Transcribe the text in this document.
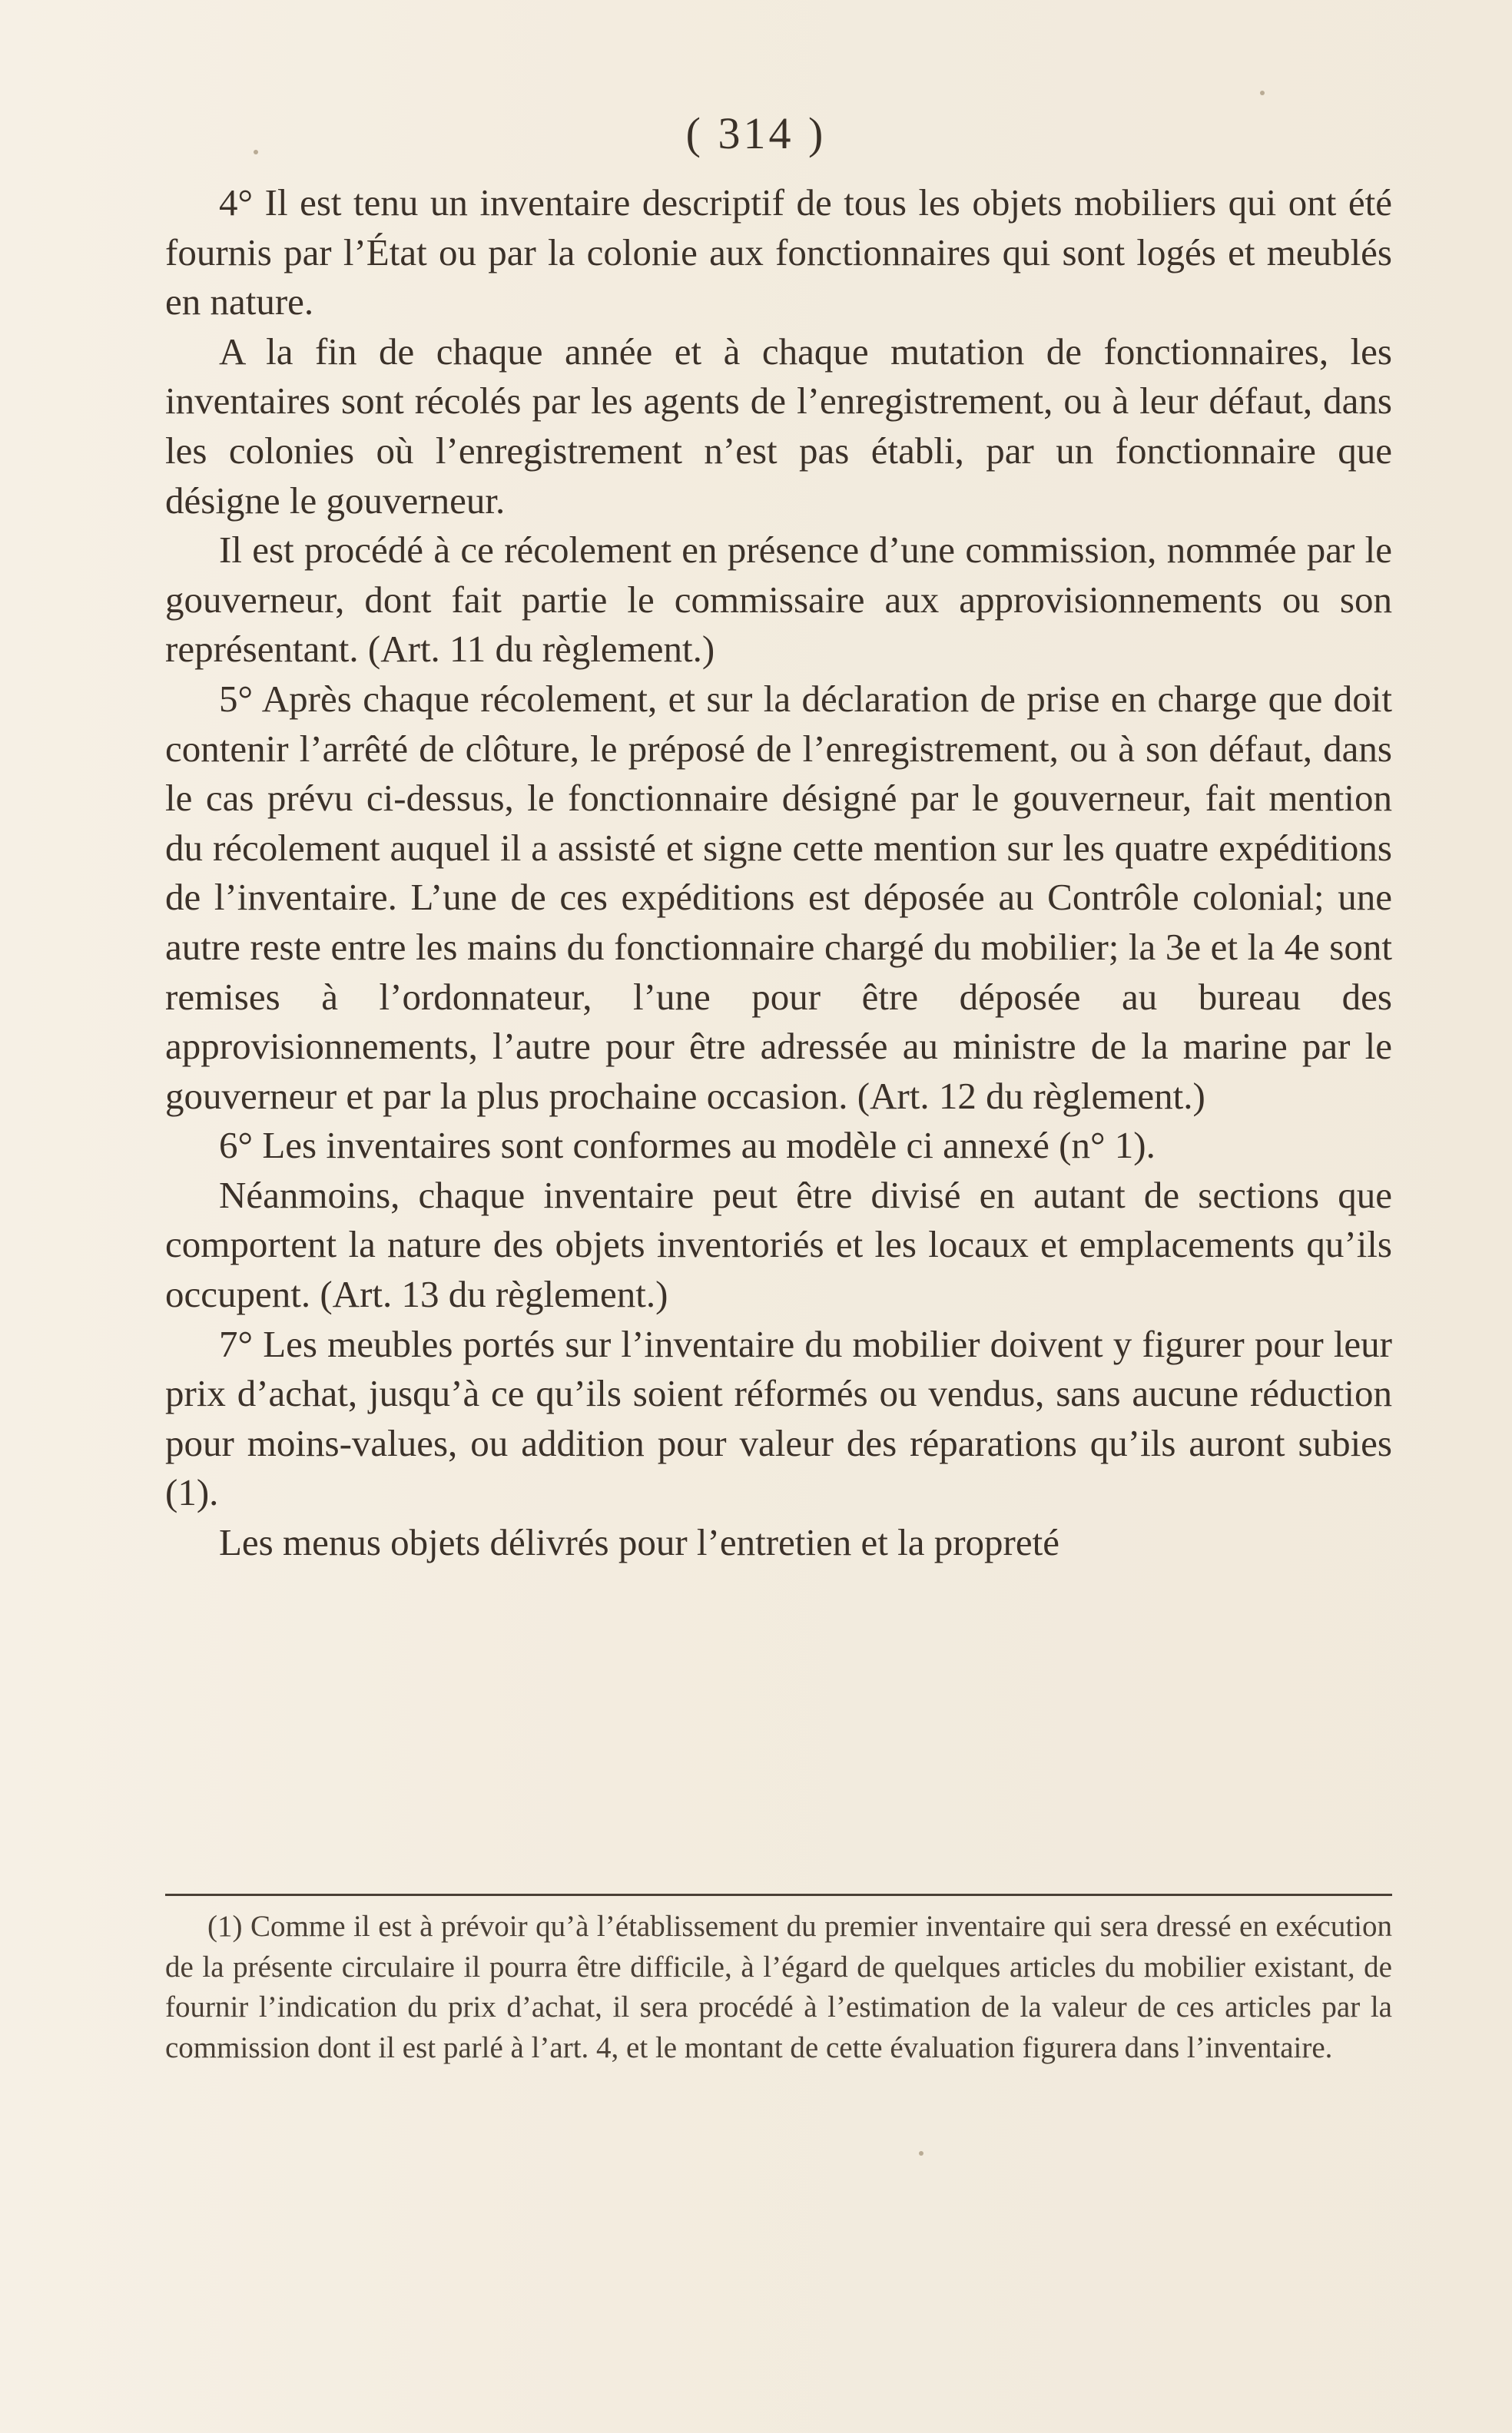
( 314 )

4° Il est tenu un inventaire descriptif de tous les objets mobiliers qui ont été fournis par l’État ou par la colonie aux fonctionnaires qui sont logés et meublés en nature.

A la fin de chaque année et à chaque mutation de fonctionnaires, les inventaires sont récolés par les agents de l’enregistrement, ou à leur défaut, dans les colonies où l’enregistrement n’est pas établi, par un fonctionnaire que désigne le gouverneur.

Il est procédé à ce récolement en présence d’une commission, nommée par le gouverneur, dont fait partie le commissaire aux approvisionnements ou son représentant. (Art. 11 du règlement.)

5° Après chaque récolement, et sur la déclaration de prise en charge que doit contenir l’arrêté de clôture, le préposé de l’enregistrement, ou à son défaut, dans le cas prévu ci-dessus, le fonctionnaire désigné par le gouverneur, fait mention du récolement auquel il a assisté et signe cette mention sur les quatre expéditions de l’inventaire. L’une de ces expéditions est déposée au Contrôle colonial; une autre reste entre les mains du fonctionnaire chargé du mobilier; la 3e et la 4e sont remises à l’ordonnateur, l’une pour être déposée au bureau des approvisionnements, l’autre pour être adressée au ministre de la marine par le gouverneur et par la plus prochaine occasion. (Art. 12 du règlement.)

6° Les inventaires sont conformes au modèle ci annexé (n° 1).

Néanmoins, chaque inventaire peut être divisé en autant de sections que comportent la nature des objets inventoriés et les locaux et emplacements qu’ils occupent. (Art. 13 du règlement.)

7° Les meubles portés sur l’inventaire du mobilier doivent y figurer pour leur prix d’achat, jusqu’à ce qu’ils soient réformés ou vendus, sans aucune réduction pour moins-values, ou addition pour valeur des réparations qu’ils auront subies (1).

Les menus objets délivrés pour l’entretien et la propreté

(1) Comme il est à prévoir qu’à l’établissement du premier inventaire qui sera dressé en exécution de la présente circulaire il pourra être difficile, à l’égard de quelques articles du mobilier existant, de fournir l’indication du prix d’achat, il sera procédé à l’estimation de la valeur de ces articles par la commission dont il est parlé à l’art. 4, et le montant de cette évaluation figurera dans l’inventaire.
